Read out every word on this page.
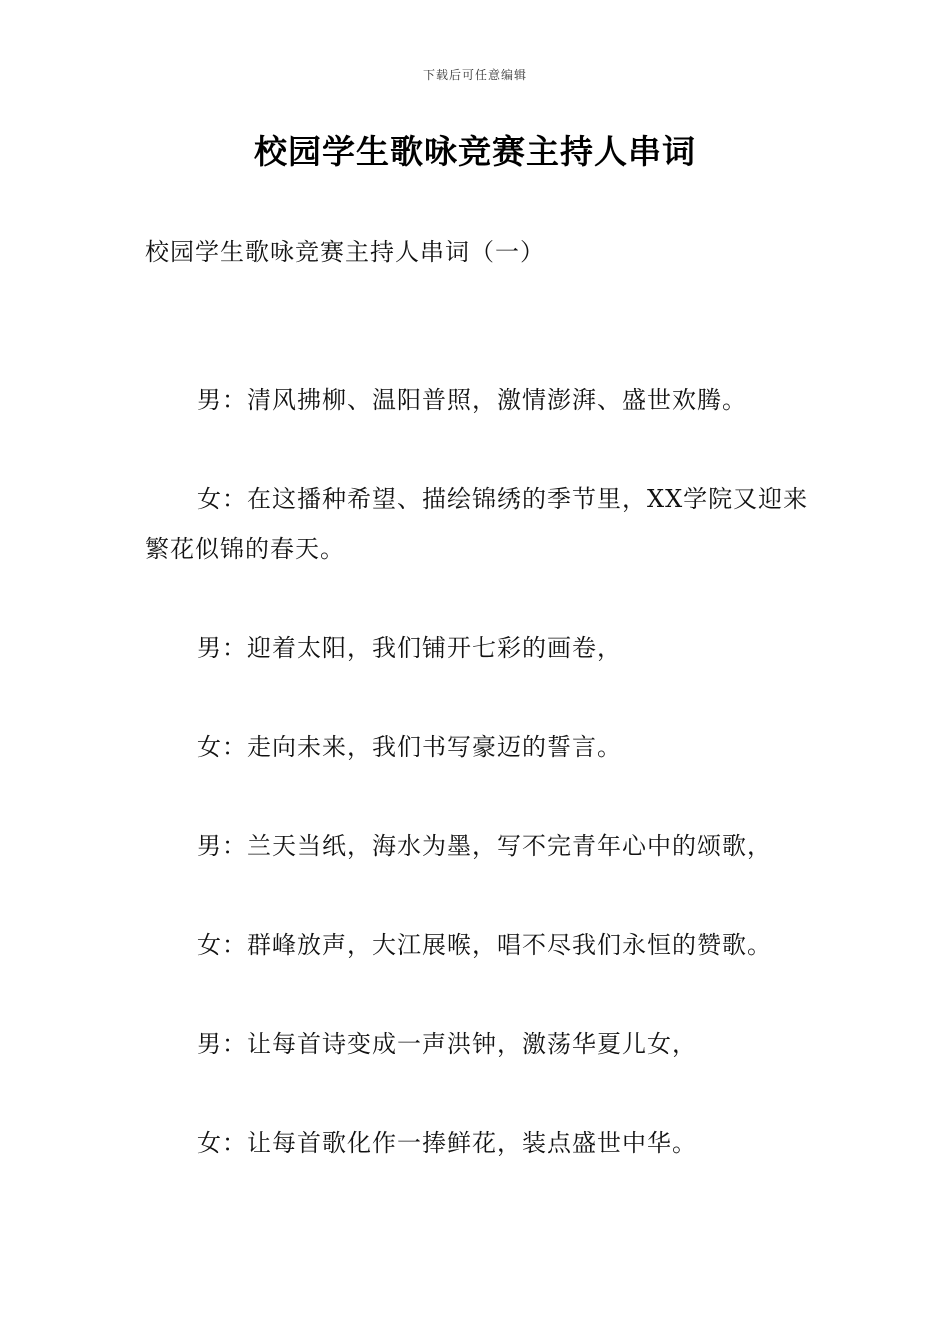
下载后可任意编辑
校园学生歌咏竞赛主持人串词
校园学生歌咏竞赛主持人串词（一）

男：清风拂柳、温阳普照，激情澎湃、盛世欢腾。

女：在这播种希望、描绘锦绣的季节里，XX学院又迎来繁花似锦的春天。

男：迎着太阳，我们铺开七彩的画卷，

女：走向未来，我们书写豪迈的誓言。

男：兰天当纸，海水为墨，写不完青年心中的颂歌，

女：群峰放声，大江展喉，唱不尽我们永恒的赞歌。

男：让每首诗变成一声洪钟，激荡华夏儿女，

女：让每首歌化作一捧鲜花，装点盛世中华。
